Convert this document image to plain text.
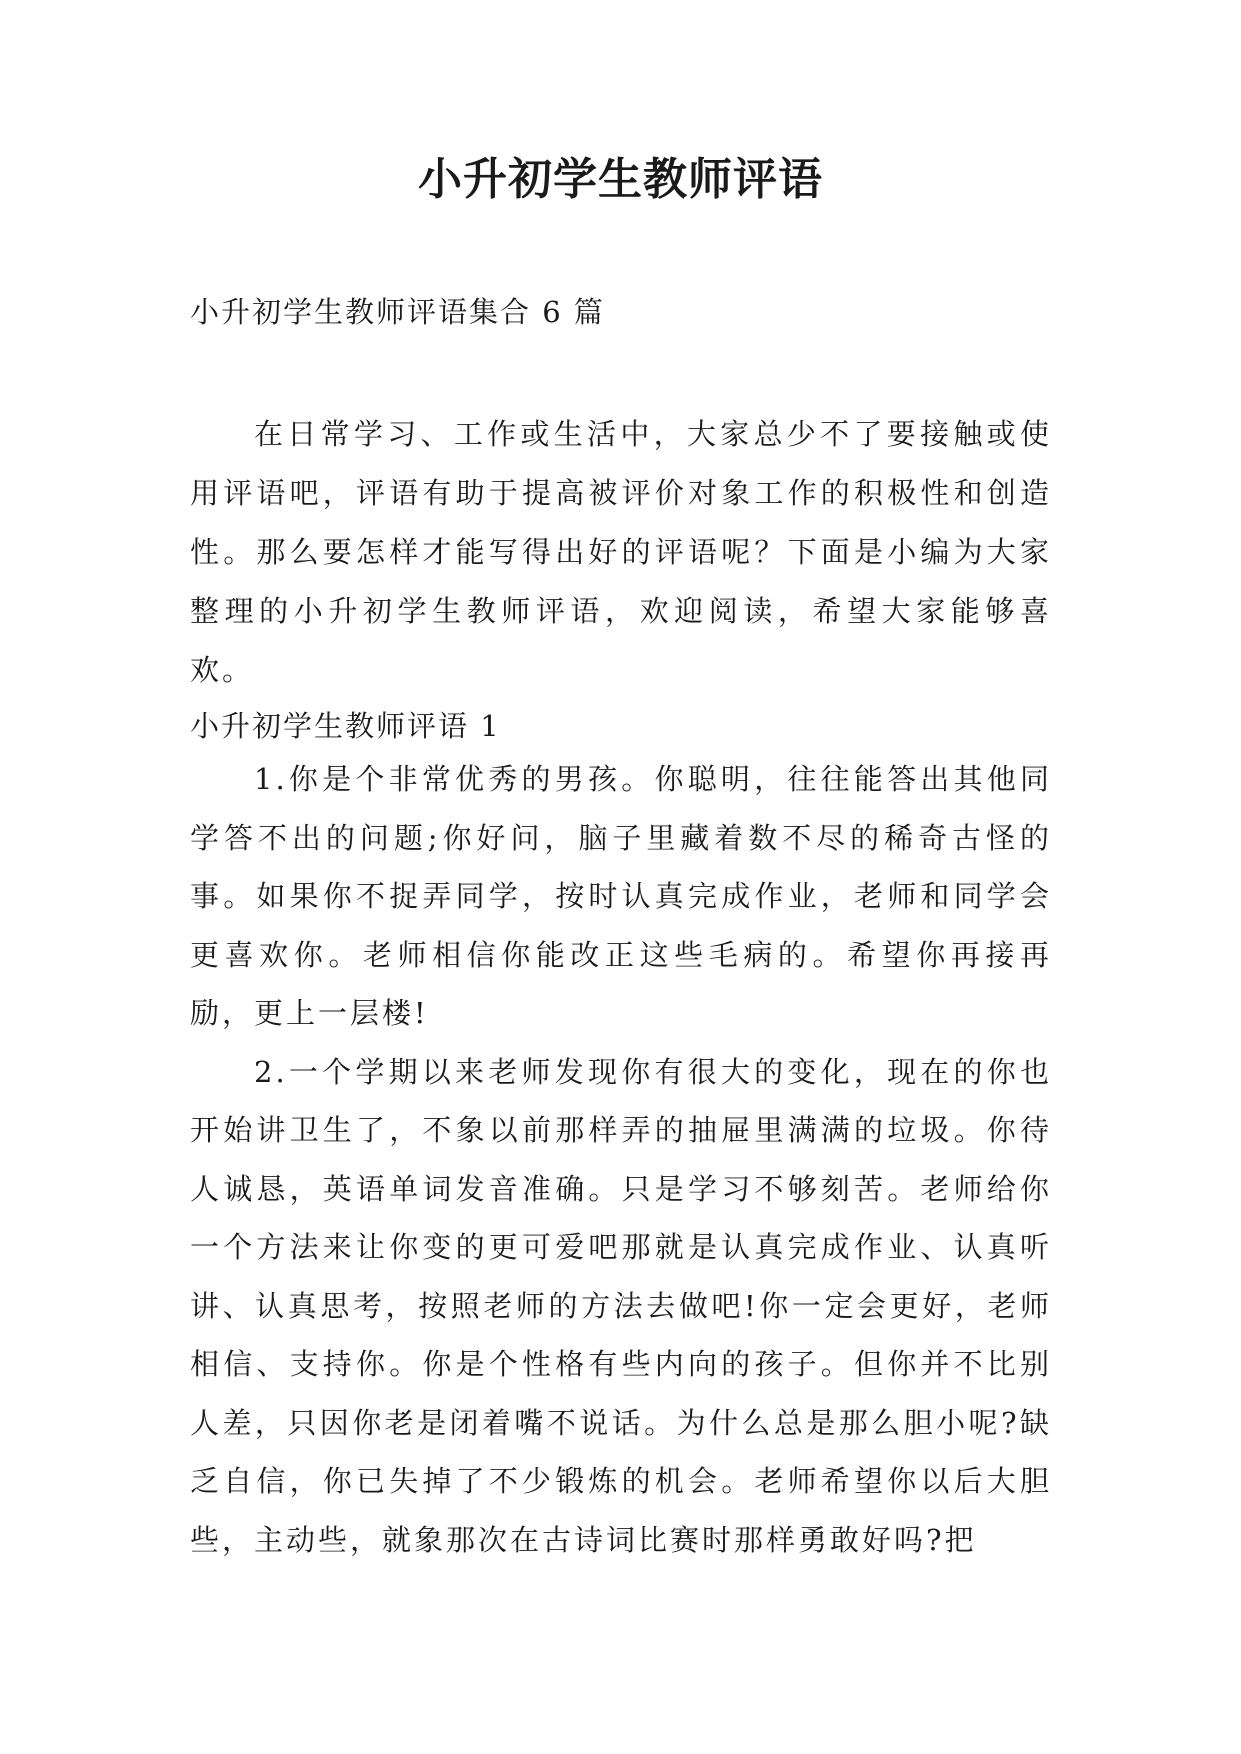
小升初学生教师评语
小升初学生教师评语集合 6 篇

在日常学习、工作或生活中，大家总少不了要接触或使用评语吧，评语有助于提高被评价对象工作的积极性和创造性。那么要怎样才能写得出好的评语呢？下面是小编为大家整理的小升初学生教师评语，欢迎阅读，希望大家能够喜欢。

小升初学生教师评语 1

1.你是个非常优秀的男孩。你聪明，往往能答出其他同学答不出的问题;你好问，脑子里藏着数不尽的稀奇古怪的事。如果你不捉弄同学，按时认真完成作业，老师和同学会更喜欢你。老师相信你能改正这些毛病的。希望你再接再励，更上一层楼!

2.一个学期以来老师发现你有很大的变化，现在的你也开始讲卫生了，不象以前那样弄的抽屉里满满的垃圾。你待人诚恳，英语单词发音准确。只是学习不够刻苦。老师给你一个方法来让你变的更可爱吧那就是认真完成作业、认真听讲、认真思考，按照老师的方法去做吧!你一定会更好，老师相信、支持你。你是个性格有些内向的孩子。但你并不比别人差，只因你老是闭着嘴不说话。为什么总是那么胆小呢?缺乏自信，你已失掉了不少锻炼的机会。老师希望你以后大胆些，主动些，就象那次在古诗词比赛时那样勇敢好吗?把
